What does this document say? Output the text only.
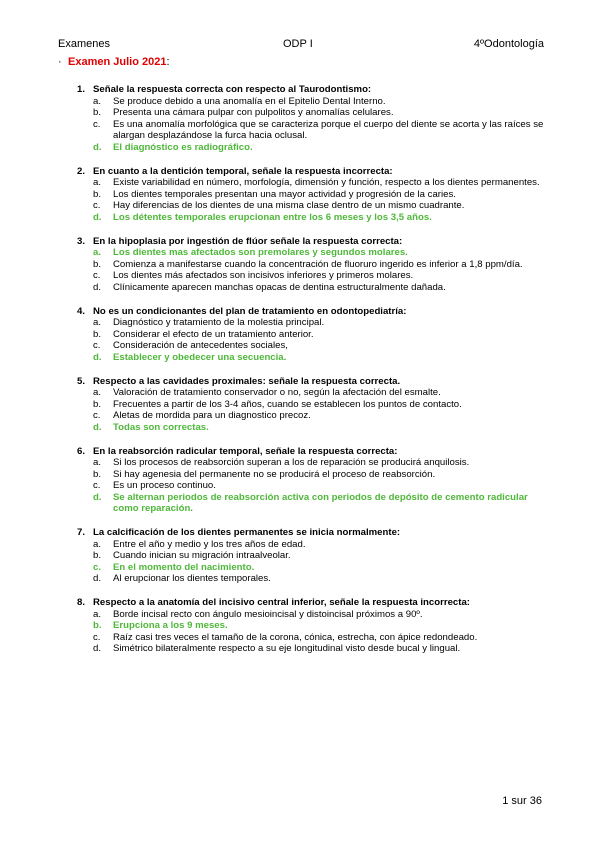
Examenes	ODP I	4ºOdontología
· Examen Julio 2021:
1. Señale la respuesta correcta con respecto al Taurodontismo:
a.	Se produce debido a una anomalía en el Epitelio Dental Interno.
b.	Presenta una cámara pulpar con pulpolitos y anomalías celulares.
c.	Es una anomalía morfológica que se caracteriza porque el cuerpo del diente se acorta y las raíces se alargan desplazándose la furca hacia oclusal.
d.	El diagnóstico es radiográfico.
2. En cuanto a la dentición temporal, señale la respuesta incorrecta:
a.	Existe variabilidad en número, morfología, dimensión y función, respecto a los dientes permanentes.
b.	Los dientes temporales presentan una mayor actividad y progresión de la caries.
c.	Hay diferencias de los dientes de una misma clase dentro de un mismo cuadrante.
d.	Los détentes temporales erupcionan entre los 6 meses y los 3,5 años.
3. En la hipoplasia por ingestión de flúor señale la respuesta correcta:
a.	Los dientes mas afectados son premolares y segundos molares.
b.	Comienza a manifestarse cuando la concentración de fluoruro ingerido es inferior a 1,8 ppm/día.
c.	Los dientes más afectados son incisivos inferiores y primeros molares.
d.	Clínicamente aparecen manchas opacas de dentina estructuralmente dañada.
4. No es un condicionantes del plan de tratamiento en odontopediatría:
a.	Diagnóstico y tratamiento de la molestia principal.
b.	Considerar el efecto de un tratamiento anterior.
c.	Consideración de antecedentes sociales,
d.	Establecer y obedecer una secuencia.
5. Respecto a las cavidades proximales: señale la respuesta correcta.
a.	Valoración de tratamiento conservador o no, según la afectación del esmalte.
b.	Frecuentes a partir de los 3-4 años, cuando se establecen los puntos de contacto.
c.	Aletas de mordida para un diagnostico precoz.
d.	Todas son correctas.
6. En la reabsorción radicular temporal, señale la respuesta correcta:
a.	Si los procesos de reabsorción superan a los de reparación se producirá anquilosis.
b.	Si hay agenesia del permanente no se producirá el proceso de reabsorción.
c.	Es un proceso continuo.
d.	Se alternan periodos de reabsorción activa con periodos de depósito de cemento radicular como reparación.
7. La calcificación de los dientes permanentes se inicia normalmente:
a.	Entre el año y medio y los tres años de edad.
b.	Cuando inician su migración intraalveolar.
c.	En el momento del nacimiento.
d.	Al erupcionar los dientes temporales.
8. Respecto a la anatomía del incisivo central inferior, señale la respuesta incorrecta:
a.	Borde incisal recto con ángulo mesioincisal y distoincisal próximos a 90º.
b.	Erupciona a los 9 meses.
c.	Raíz casi tres veces el tamaño de la corona, cónica, estrecha, con ápice redondeado.
d.	Simétrico bilateralmente respecto a su eje longitudinal visto desde bucal y lingual.
1 sur 36
